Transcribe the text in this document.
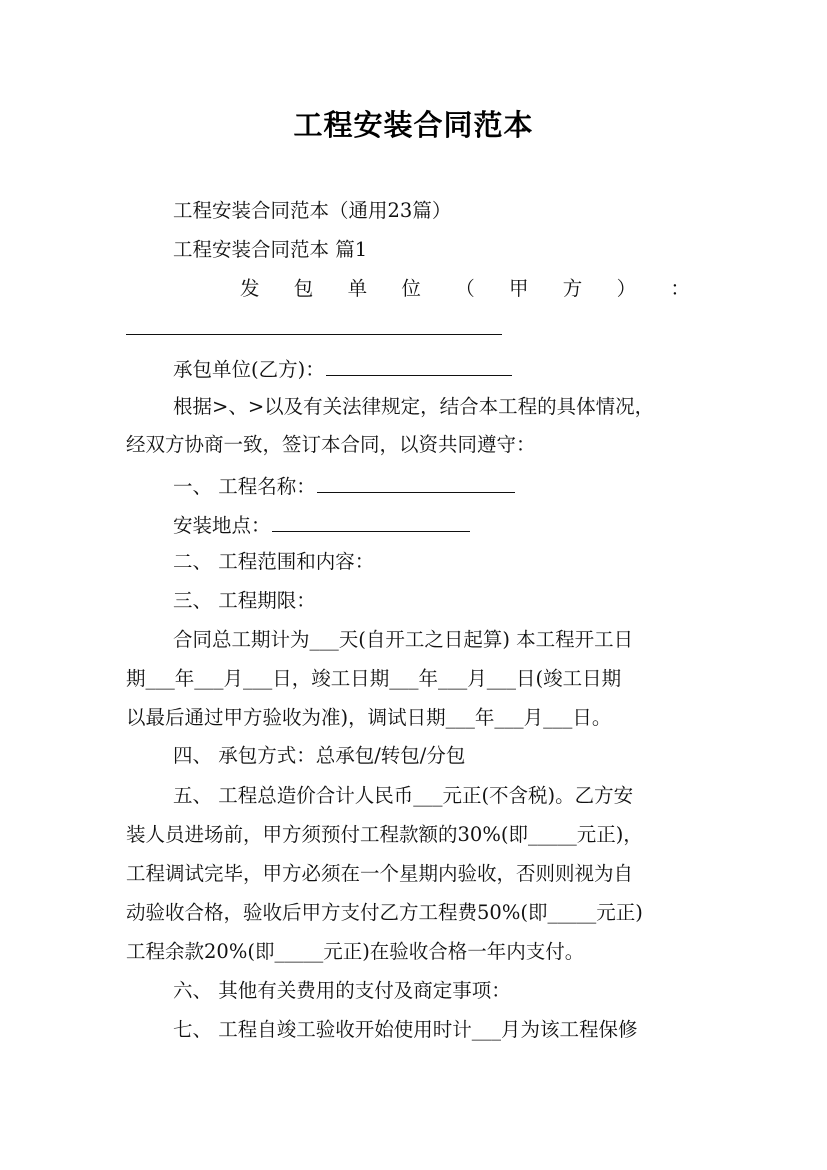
工程安装合同范本
工程安装合同范本（通用23篇）
工程安装合同范本 篇1
发 包 单 位 （ 甲 方 ） ：
承包单位(乙方)：
根据>、>以及有关法律规定，结合本工程的具体情况，
经双方协商一致，签订本合同，以资共同遵守：
一、 工程名称：
安装地点：
二、 工程范围和内容：
三、 工程期限：
合同总工期计为___天(自开工之日起算) 本工程开工日
期___年___月___日，竣工日期___年___月___日(竣工日期
以最后通过甲方验收为准)，调试日期___年___月___日。
四、 承包方式：总承包/转包/分包
五、 工程总造价合计人民币___元正(不含税)。乙方安
装人员进场前，甲方须预付工程款额的30%(即_____元正)，
工程调试完毕，甲方必须在一个星期内验收，否则则视为自
动验收合格，验收后甲方支付乙方工程费50%(即_____元正)
工程余款20%(即_____元正)在验收合格一年内支付。
六、 其他有关费用的支付及商定事项：
七、 工程自竣工验收开始使用时计___月为该工程保修
